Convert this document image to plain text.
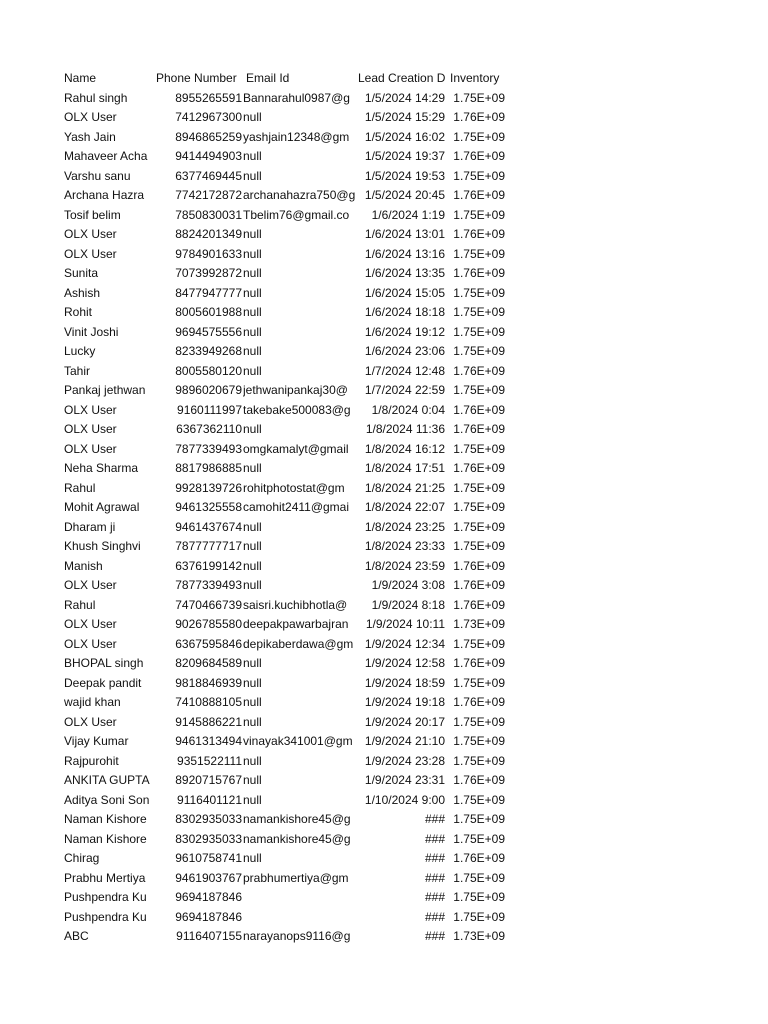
Name	Phone Number Email Id	Lead Creation D Inventory
Rahul singh	8955265591 Bannarahul0987@g	1/5/2024 14:29 1.75E+09
OLX User	7412967300 null	1/5/2024 15:29 1.76E+09
Yash Jain	8946865259 yashjain12348@gm	1/5/2024 16:02 1.75E+09
Mahaveer Acha	9414494903 null	1/5/2024 19:37 1.76E+09
Varshu sanu	6377469445 null	1/5/2024 19:53 1.75E+09
Archana Hazra	7742172872 archanahazra750@g 1/5/2024 20:45 1.76E+09
Tosif belim	7850830031 Tbelim76@gmail.co	1/6/2024 1:19 1.75E+09
OLX User	8824201349 null	1/6/2024 13:01 1.76E+09
OLX User	9784901633 null	1/6/2024 13:16 1.75E+09
Sunita	7073992872 null	1/6/2024 13:35 1.76E+09
Ashish	8477947777 null	1/6/2024 15:05 1.75E+09
Rohit	8005601988 null	1/6/2024 18:18 1.75E+09
Vinit Joshi	9694575556 null	1/6/2024 19:12 1.75E+09
Lucky	8233949268 null	1/6/2024 23:06 1.75E+09
Tahir	8005580120 null	1/7/2024 12:48 1.76E+09
Pankaj jethwan	9896020679 jethwanipankaj30@	1/7/2024 22:59 1.75E+09
OLX User	9160111997 takebake500083@g	1/8/2024 0:04 1.76E+09
OLX User	6367362110 null	1/8/2024 11:36 1.76E+09
OLX User	7877339493 omgkamalyt@gmail	1/8/2024 16:12 1.75E+09
Neha Sharma	8817986885 null	1/8/2024 17:51 1.76E+09
Rahul	9928139726 rohitphotostat@gm	1/8/2024 21:25 1.75E+09
Mohit Agrawal	9461325558 camohit2411@gmai	1/8/2024 22:07 1.75E+09
Dharam ji	9461437674 null	1/8/2024 23:25 1.75E+09
Khush Singhvi	7877777717 null	1/8/2024 23:33 1.75E+09
Manish	6376199142 null	1/8/2024 23:59 1.76E+09
OLX User	7877339493 null	1/9/2024 3:08 1.76E+09
Rahul	7470466739 saisri.kuchibhotla@	1/9/2024 8:18 1.76E+09
OLX User	9026785580 deepakpawarbajran	1/9/2024 10:11 1.73E+09
OLX User	6367595846 depikaberdawa@gm 1/9/2024 12:34 1.75E+09
BHOPAL singh	8209684589 null	1/9/2024 12:58 1.76E+09
Deepak pandit	9818846939 null	1/9/2024 18:59 1.75E+09
wajid khan	7410888105 null	1/9/2024 19:18 1.76E+09
OLX User	9145886221 null	1/9/2024 20:17 1.75E+09
Vijay Kumar	9461313494 vinayak341001@gm	1/9/2024 21:10 1.75E+09
Rajpurohit	9351522111 null	1/9/2024 23:28 1.75E+09
ANKITA GUPTA	8920715767 null	1/9/2024 23:31 1.76E+09
Aditya Soni Son	9116401121 null	1/10/2024 9:00 1.75E+09
Naman Kishore	8302935033 namankishore45@g	### 1.75E+09
Naman Kishore	8302935033 namankishore45@g	### 1.75E+09
Chirag	9610758741 null	### 1.76E+09
Prabhu Mertiya	9461903767 prabhumertiya@gm	### 1.75E+09
Pushpendra Ku	9694187846	### 1.75E+09
Pushpendra Ku	9694187846	### 1.75E+09
ABC	9116407155 narayanops9116@g	### 1.73E+09
